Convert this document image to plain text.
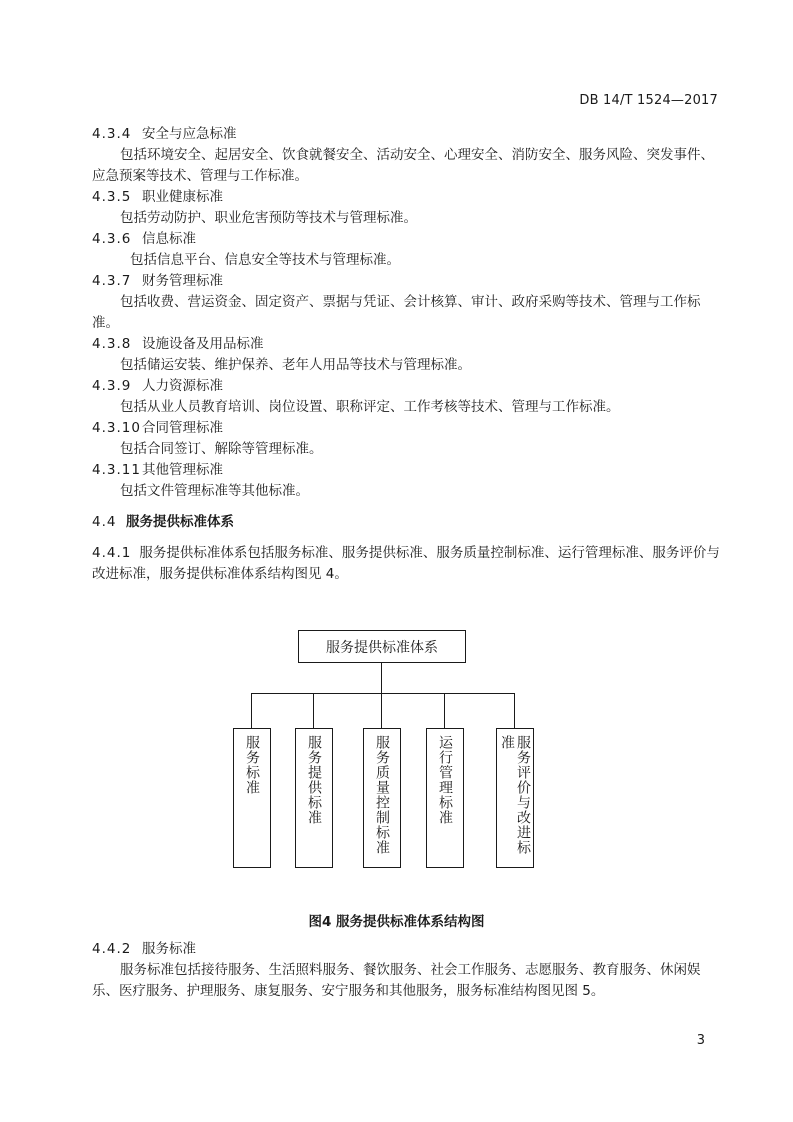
DB 14/T 1524—2017
4.3.4 安全与应急标准
包括环境安全、起居安全、饮食就餐安全、活动安全、心理安全、消防安全、服务风险、突发事件、
应急预案等技术、管理与工作标准。
4.3.5 职业健康标准
包括劳动防护、职业危害预防等技术与管理标准。
4.3.6 信息标准
包括信息平台、信息安全等技术与管理标准。
4.3.7 财务管理标准
包括收费、营运资金、固定资产、票据与凭证、会计核算、审计、政府采购等技术、管理与工作标
准。
4.3.8 设施设备及用品标准
包括储运安装、维护保养、老年人用品等技术与管理标准。
4.3.9 人力资源标准
包括从业人员教育培训、岗位设置、职称评定、工作考核等技术、管理与工作标准。
4.3.10合同管理标准
包括合同签订、解除等管理标准。
4.3.11其他管理标准
包括文件管理标准等其他标准。
4.4 服务提供标准体系
4.4.1 服务提供标准体系包括服务标准、服务提供标准、服务质量控制标准、运行管理标准、服务评价与改进标准，服务提供标准体系结构图见 4。
服务提供标准体系
服务标准	服务提供标准	服务质量控制标准	运行管理标准	服务评价与改进标准
图4 服务提供标准体系结构图
4.4.2 服务标准
服务标准包括接待服务、生活照料服务、餐饮服务、社会工作服务、志愿服务、教育服务、休闲娱
乐、医疗服务、护理服务、康复服务、安宁服务和其他服务，服务标准结构图见图 5。
3
